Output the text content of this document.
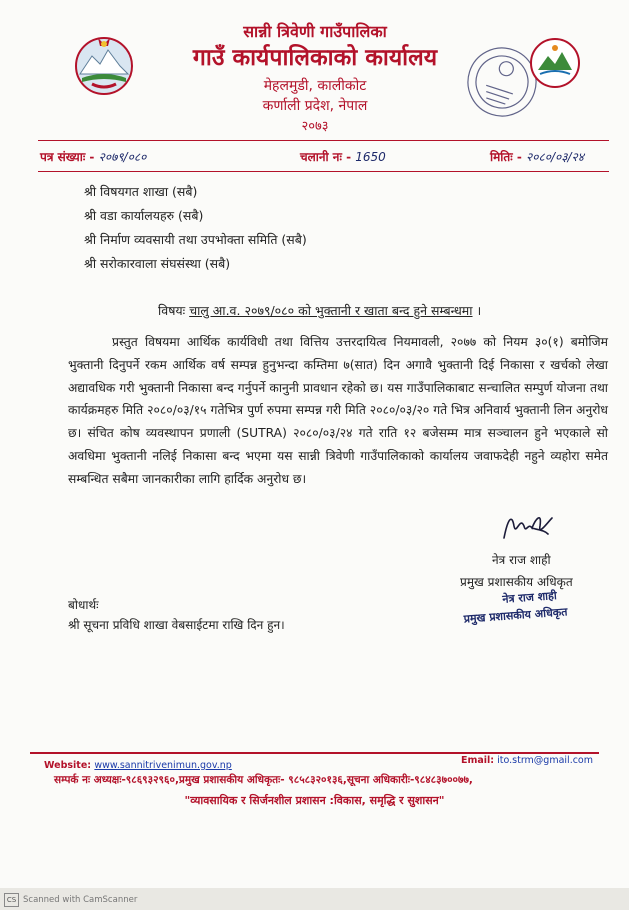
सान्नी त्रिवेणी गाउँपालिका
गाउँ कार्यपालिकाको कार्यालय
मेहलमुडी, कालीकोट
कर्णाली प्रदेश, नेपाल
२०७३
पत्र संख्याः - २०७९/०८०	चलानी नः - 1650	मितिः - २०८०/०३/२४
श्री विषयगत शाखा (सबै)
श्री वडा कार्यालयहरु (सबै)
श्री निर्माण व्यवसायी तथा उपभोक्ता समिति (सबै)
श्री सरोकारवाला संघसंस्था (सबै)
विषयः चालु आ.व. २०७९/०८० को भुक्तानी र खाता बन्द हुने सम्बन्धमा ।
प्रस्तुत विषयमा आर्थिक कार्यविधी तथा वित्तिय उत्तरदायित्व नियमावली, २०७७ को नियम ३०(१) बमोजिम भुक्तानी दिनुपर्ने रकम आर्थिक वर्ष सम्पन्न हुनुभन्दा कम्तिमा ७(सात) दिन अगावै भुक्तानी दिई निकासा र खर्चको लेखा अद्यावधिक गरी भुक्तानी निकासा बन्द गर्नुपर्ने कानुनी प्रावधान रहेको छ। यस गाउँपालिकाबाट सन्चालित सम्पुर्ण योजना तथा कार्यक्रमहरु मिति २०८०/०३/१५ गतेभित्र पुर्ण रुपमा सम्पन्न गरी मिति २०८०/०३/२० गते भित्र अनिवार्य भुक्तानी लिन अनुरोध छ। संचित कोष व्यवस्थापन प्रणाली (SUTRA) २०८०/०३/२४ गते राति १२ बजेसम्म मात्र सञ्चालन हुने भएकाले सो अवधिमा भुक्तानी नलिई निकासा बन्द भएमा यस सान्नी त्रिवेणी गाउँपालिकाको कार्यालय जवाफदेही नहुने व्यहोरा समेत सम्बन्धित सबैमा जानकारीका लागि हार्दिक अनुरोध छ।
नेत्र राज शाही
प्रमुख प्रशासकीय अधिकृत
नेत्र राज शाही
प्रमुख प्रशासकीय अधिकृत
बोधार्थः
श्री सूचना प्रविधि शाखा वेबसाईटमा राखि दिन हुन।
Website: www.sannitrivenimun.gov.np	Email: ito.strm@gmail.com
सम्पर्क नः अध्यक्षः-९८६९३२९६०,प्रमुख प्रशासकीय अधिकृतः- ९८५८३२०१३६,सूचना अधिकारीः-९८४८३७००७७,
"व्यावसायिक र सिर्जनशील प्रशासन :विकास, समृद्धि र सुशासन"
CS Scanned with CamScanner
